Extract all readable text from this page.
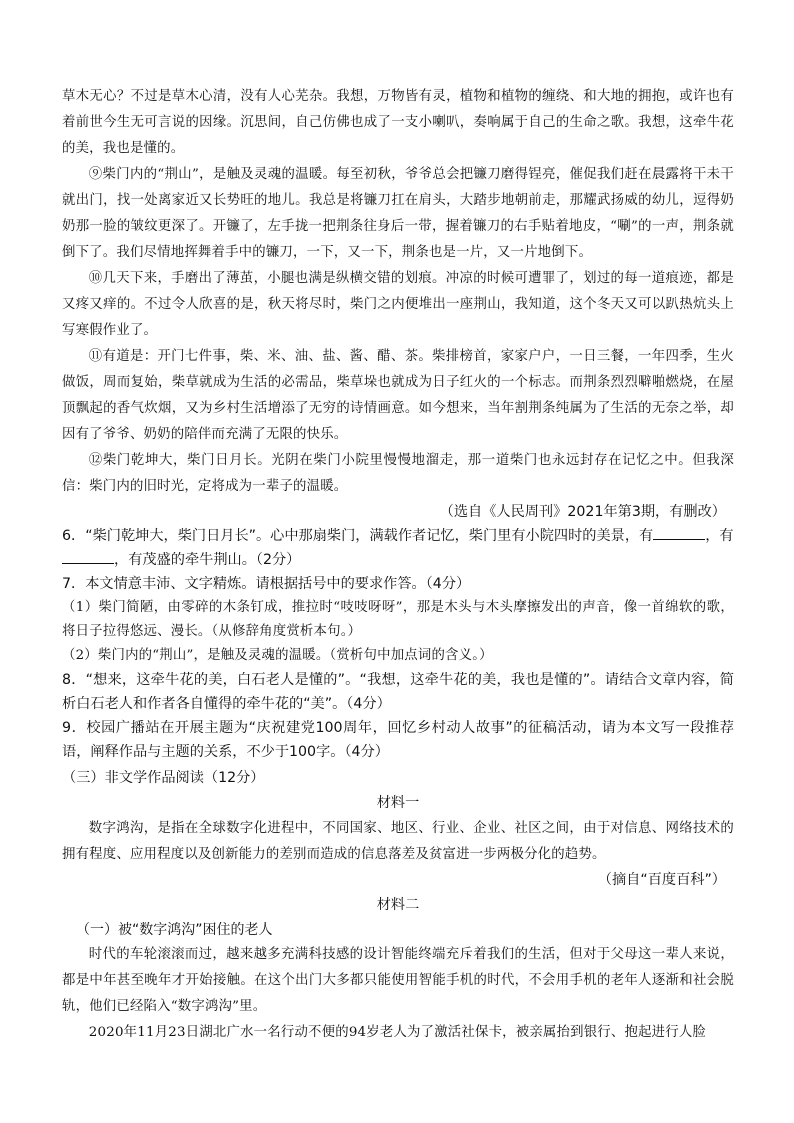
草木无心？不过是草木心清，没有人心芜杂。我想，万物皆有灵，植物和植物的缠绕、和大地的拥抱，或许也有着前世今生无可言说的因缘。沉思间，自己仿佛也成了一支小喇叭，奏响属于自己的生命之歌。我想，这牵牛花的美，我也是懂的。

⑨柴门内的“荆山”，是触及灵魂的温暖。每至初秋，爷爷总会把镰刀磨得锃亮，催促我们赶在晨露将干未干就出门，找一处离家近又长势旺的地儿。我总是将镰刀扛在肩头，大踏步地朝前走，那耀武扬威的幼儿，逗得奶奶那一脸的皱纹更深了。开镰了，左手拢一把荆条往身后一带，握着镰刀的右手贴着地皮，“唰”的一声，荆条就倒下了。我们尽情地挥舞着手中的镰刀，一下，又一下，荆条也是一片，又一片地倒下。

⑩几天下来，手磨出了薄茧，小腿也满是纵横交错的划痕。冲凉的时候可遭罪了，划过的每一道痕迹，都是又疼又痒的。不过令人欣喜的是，秋天将尽时，柴门之内便堆出一座荆山，我知道，这个冬天又可以趴热炕头上写寒假作业了。

⑪有道是：开门七件事，柴、米、油、盐、酱、醋、茶。柴排榜首，家家户户，一日三餐，一年四季，生火做饭，周而复始，柴草就成为生活的必需品，柴草垛也就成为日子红火的一个标志。而荆条烈烈噼啪燃烧，在屋顶飘起的香气炊烟，又为乡村生活增添了无穷的诗情画意。如今想来，当年割荆条纯属为了生活的无奈之举，却因有了爷爷、奶奶的陪伴而充满了无限的快乐。

⑫柴门乾坤大，柴门日月长。光阴在柴门小院里慢慢地溜走，那一道柴门也永远封存在记忆之中。但我深信：柴门内的旧时光，定将成为一辈子的温暖。

（选自《人民周刊》2021年第3期，有删改）

6．“柴门乾坤大，柴门日月长”。心中那扇柴门，满载作者记忆，柴门里有小院四时的美景，有	，有
，有茂盛的牵牛荆山。（2分）

7．本文情意丰沛、文字精炼。请根据括号中的要求作答。（4分）

（1）柴门简陋，由零碎的木条钉成，推拉时“吱吱呀呀”，那是木头与木头摩擦发出的声音，像一首绵软的歌，将日子拉得悠远、漫长。（从修辞角度赏析本句。）

（2）柴门内的“荆山”，是触及灵魂的温暖。（赏析句中加点词的含义。）

8．“想来，这牵牛花的美，白石老人是懂的”。“我想，这牵牛花的美，我也是懂的”。请结合文章内容，简析白石老人和作者各自懂得的牵牛花的“美”。（4分）

9．校园广播站在开展主题为“庆祝建党100周年，回忆乡村动人故事”的征稿活动，请为本文写一段推荐语，阐释作品与主题的关系，不少于100字。（4分）

（三）非文学作品阅读（12分）

材料一

数字鸿沟，是指在全球数字化进程中，不同国家、地区、行业、企业、社区之间，由于对信息、网络技术的拥有程度、应用程度以及创新能力的差别而造成的信息落差及贫富进一步两极分化的趋势。

（摘自“百度百科”）

材料二

（一）被“数字鸿沟”困住的老人

时代的车轮滚滚而过，越来越多充满科技感的设计智能终端充斥着我们的生活，但对于父母这一辈人来说，都是中年甚至晚年才开始接触。在这个出门大多都只能使用智能手机的时代，不会用手机的老年人逐渐和社会脱轨，他们已经陷入“数字鸿沟”里。

2020年11月23日湖北广水一名行动不便的94岁老人为了激活社保卡，被亲属抬到银行、抱起进行人脸
